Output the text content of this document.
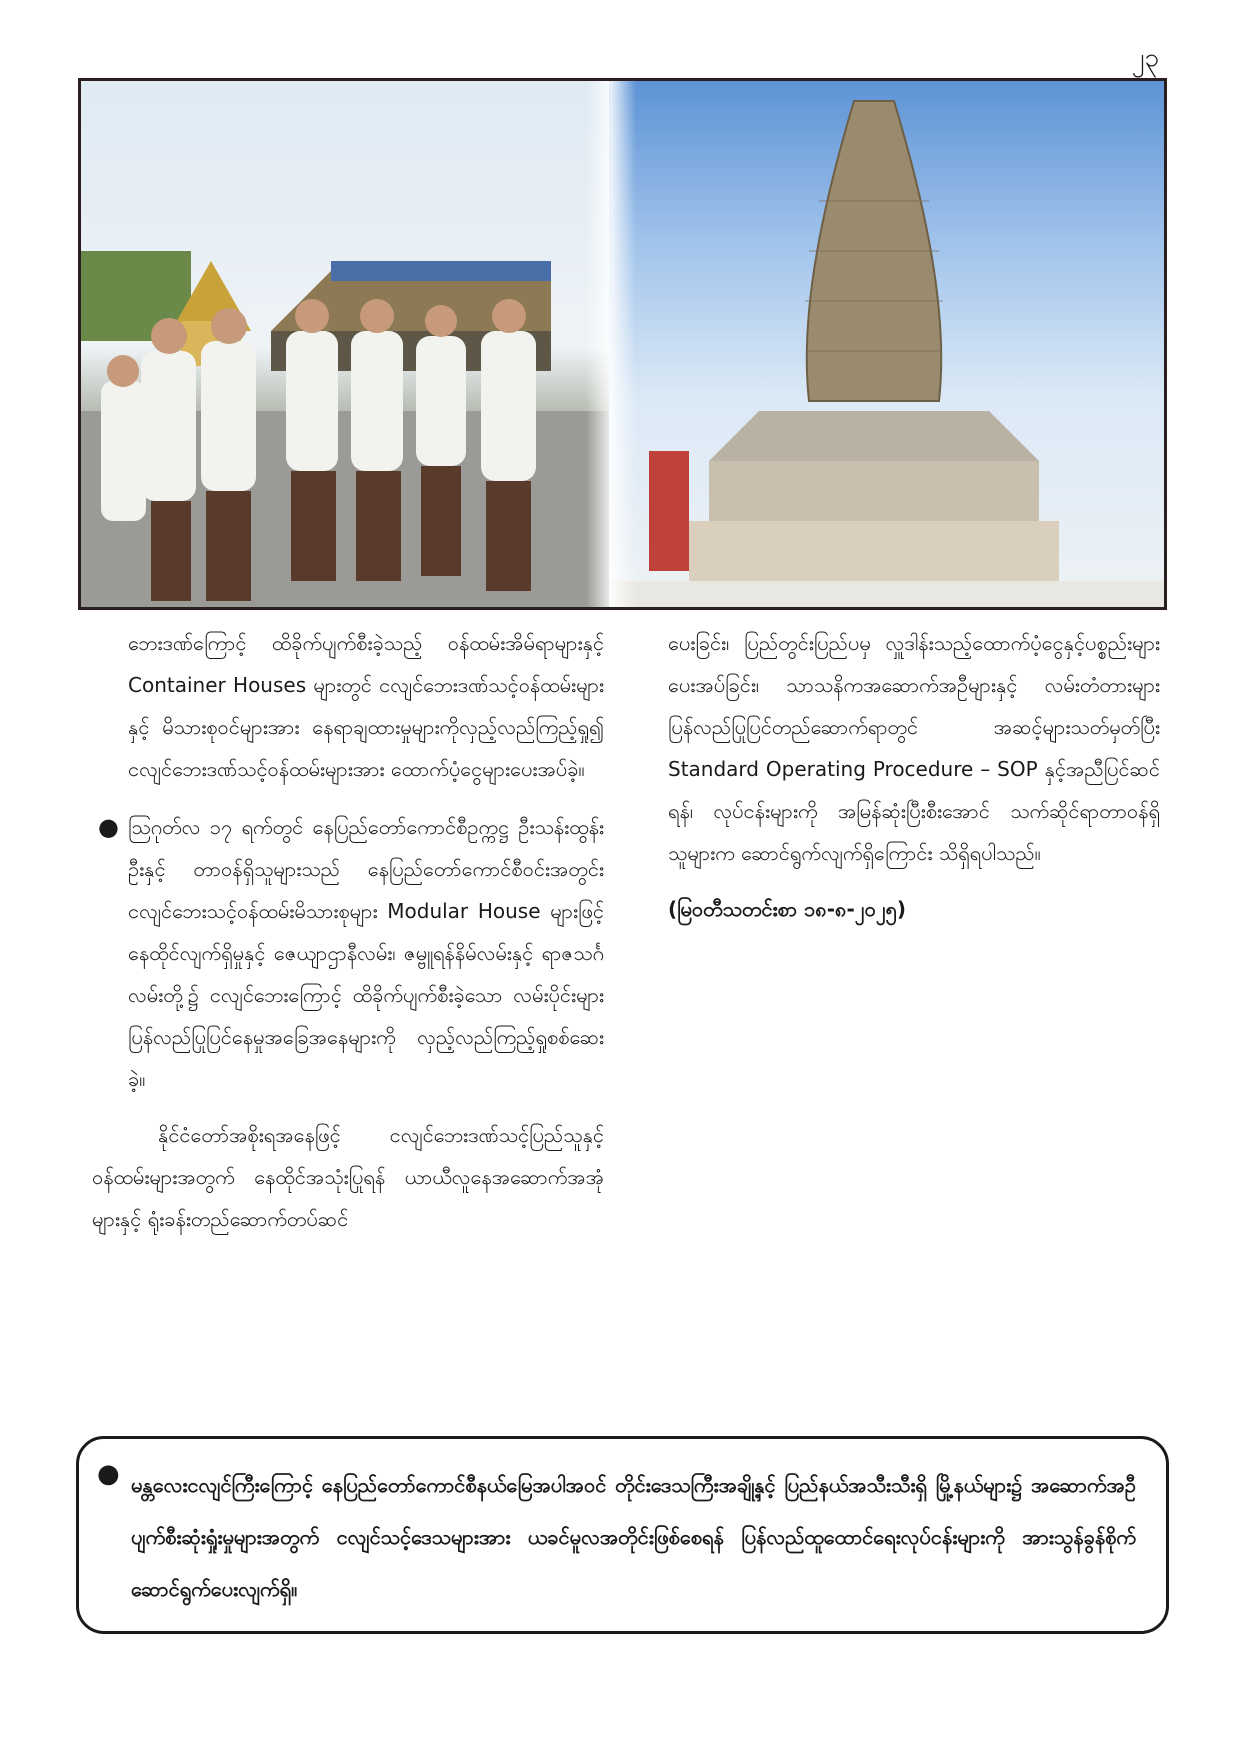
၂၃

ဘေးဒဏ်ကြောင့် ထိခိုက်ပျက်စီးခဲ့သည့် ဝန်ထမ်းအိမ်ရာများနှင့် Container Houses များတွင် ငလျင်ဘေးဒဏ်သင့်ဝန်ထမ်းများနှင့် မိသားစုဝင်များအား နေရာချထားမှုများကိုလှည့်လည်ကြည့်ရှု၍ ငလျင်ဘေးဒဏ်သင့်ဝန်ထမ်းများအား ထောက်ပံ့ငွေများပေးအပ်ခဲ့။

● ဩဂုတ်လ ၁၇ ရက်တွင် နေပြည်တော်ကောင်စီဥက္ကဋ္ဌ ဦးသန်းထွန်းဦးနှင့် တာဝန်ရှိသူများသည် နေပြည်တော်ကောင်စီဝင်းအတွင်း ငလျင်ဘေးသင့်ဝန်ထမ်းမိသားစုများ Modular House များဖြင့် နေထိုင်လျက်ရှိမှုနှင့် ဇေယျာဌာနီလမ်း၊ ဇမ္ဗူရန်နိမ်လမ်းနှင့် ရာဇသင်္ဂလမ်းတို့၌ ငလျင်ဘေးကြောင့် ထိခိုက်ပျက်စီးခဲ့သော လမ်းပိုင်းများ ပြန်လည်ပြုပြင်နေမှုအခြေအနေများကို လှည့်လည်ကြည့်ရှုစစ်ဆေးခဲ့။

နိုင်ငံတော်အစိုးရအနေဖြင့် ငလျင်ဘေးဒဏ်သင့်ပြည်သူနှင့်ဝန်ထမ်းများအတွက် နေထိုင်အသုံးပြုရန် ယာယီလူနေအဆောက်အအုံများနှင့် ရုံးခန်းတည်ဆောက်တပ်ဆင်

ပေးခြင်း၊ ပြည်တွင်းပြည်ပမှ လှူဒါန်းသည့်ထောက်ပံ့ငွေနှင့်ပစ္စည်းများပေးအပ်ခြင်း၊ သာသနိကအဆောက်အဦများနှင့် လမ်းတံတားများ ပြန်လည်ပြုပြင်တည်ဆောက်ရာတွင် အဆင့်များသတ်မှတ်ပြီး Standard Operating Procedure – SOP နှင့်အညီပြင်ဆင်ရန်၊ လုပ်ငန်းများကို အမြန်ဆုံးပြီးစီးအောင် သက်ဆိုင်ရာတာဝန်ရှိသူများက ဆောင်ရွက်လျက်ရှိကြောင်း သိရှိရပါသည်။

(မြဝတီသတင်းစာ ၁၈-၈-၂၀၂၅)

● မန္တလေးငလျင်ကြီးကြောင့် နေပြည်တော်ကောင်စီနယ်မြေအပါအဝင် တိုင်းဒေသကြီးအချို့နှင့် ပြည်နယ်အသီးသီးရှိ မြို့နယ်များ၌ အဆောက်အဦပျက်စီးဆုံးရှုံးမှုများအတွက် ငလျင်သင့်ဒေသများအား ယခင်မူလအတိုင်းဖြစ်စေရန် ပြန်လည်ထူထောင်ရေးလုပ်ငန်းများကို အားသွန်ခွန်စိုက်ဆောင်ရွက်ပေးလျက်ရှိ။
